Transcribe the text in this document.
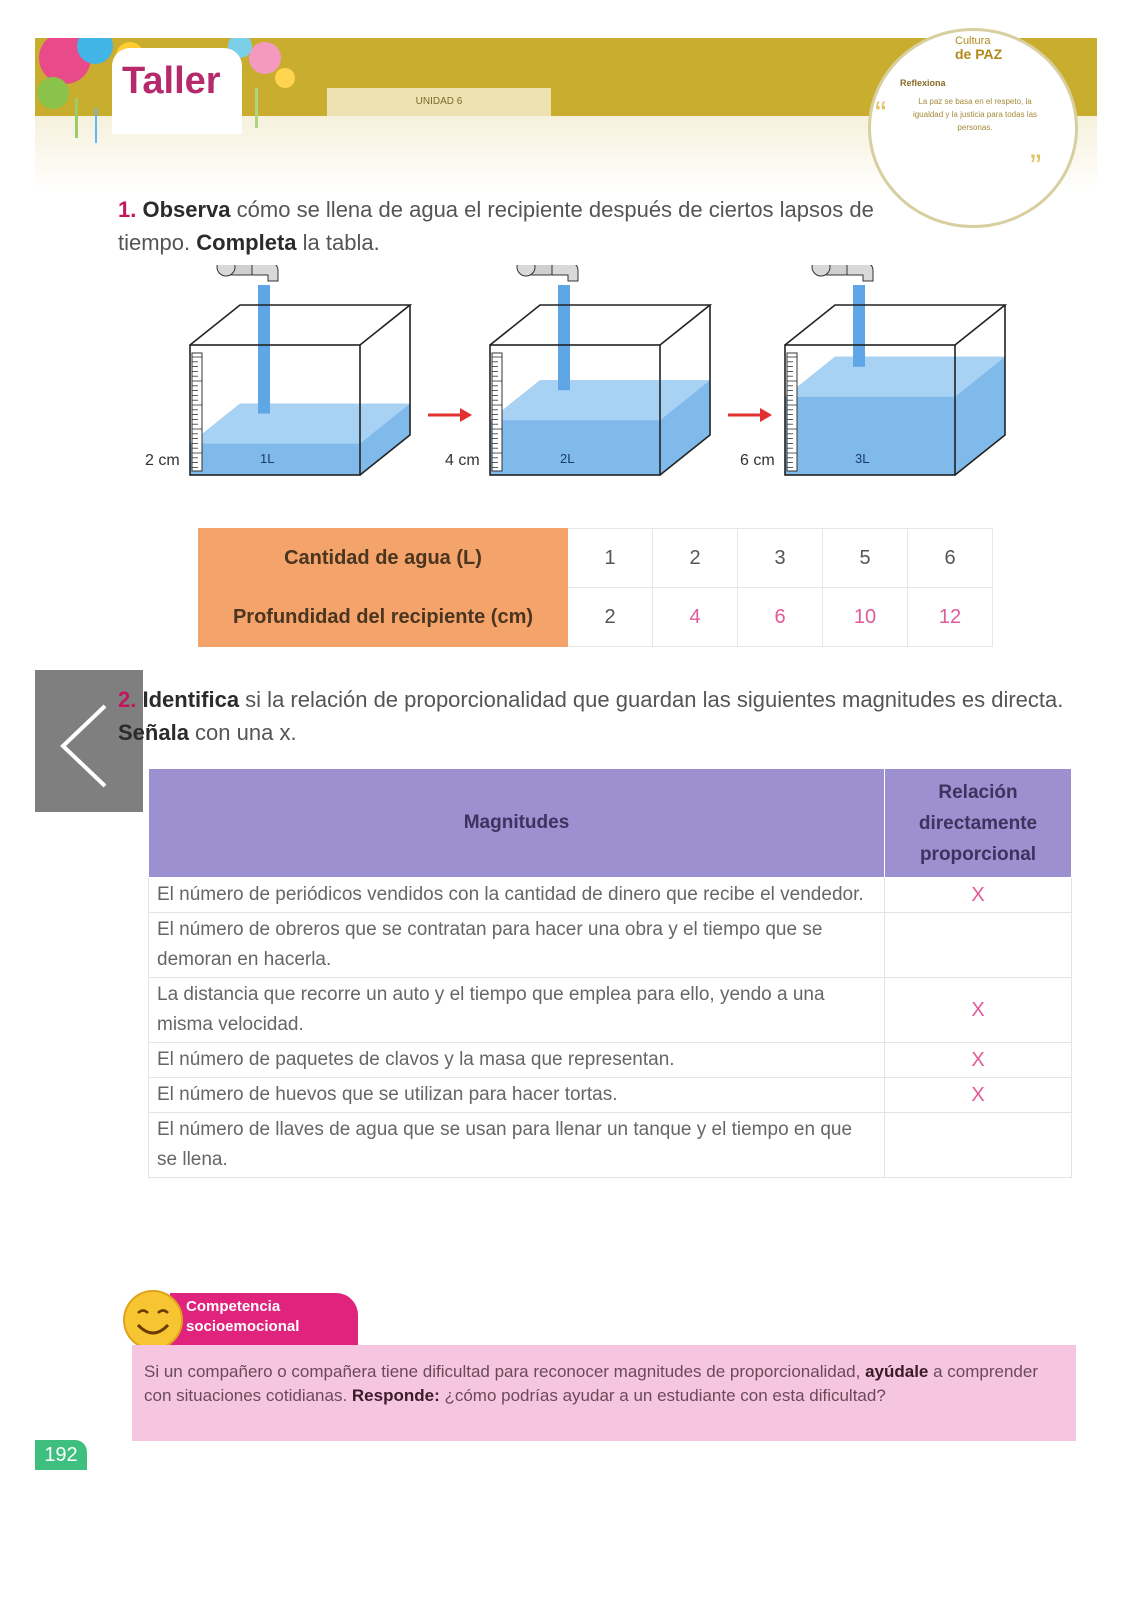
Taller	UNIDAD 6
Cultura
de PAZ
Reflexiona
“	La paz se basa en el respeto, la igualdad y la justicia para todas las personas.
”
1. Observa cómo se llena de agua el recipiente después de ciertos lapsos de tiempo. Completa la tabla.
2 cm	1L	4 cm	2L	6 cm	3L
Cantidad de agua (L)	1	2	3	5	6
Profundidad del recipiente (cm)	2	4	6	10	12
2. Identifica si la relación de proporcionalidad que guardan las siguientes magnitudes es directa. Señala con una x.
Magnitudes	Relación directamente proporcional
El número de periódicos vendidos con la cantidad de dinero que recibe el vendedor.	X
El número de obreros que se contratan para hacer una obra y el tiempo que se demoran en hacerla.	
La distancia que recorre un auto y el tiempo que emplea para ello, yendo a una misma velocidad.	X
El número de paquetes de clavos y la masa que representan.	X
El número de huevos que se utilizan para hacer tortas.	X
El número de llaves de agua que se usan para llenar un tanque y el tiempo en que se llena.	
Competencia
socioemocional
Si un compañero o compañera tiene dificultad para reconocer magnitudes de proporcionalidad, ayúdale a comprender con situaciones cotidianas. Responde: ¿cómo podrías ayudar a un estudiante con esta dificultad?
192
